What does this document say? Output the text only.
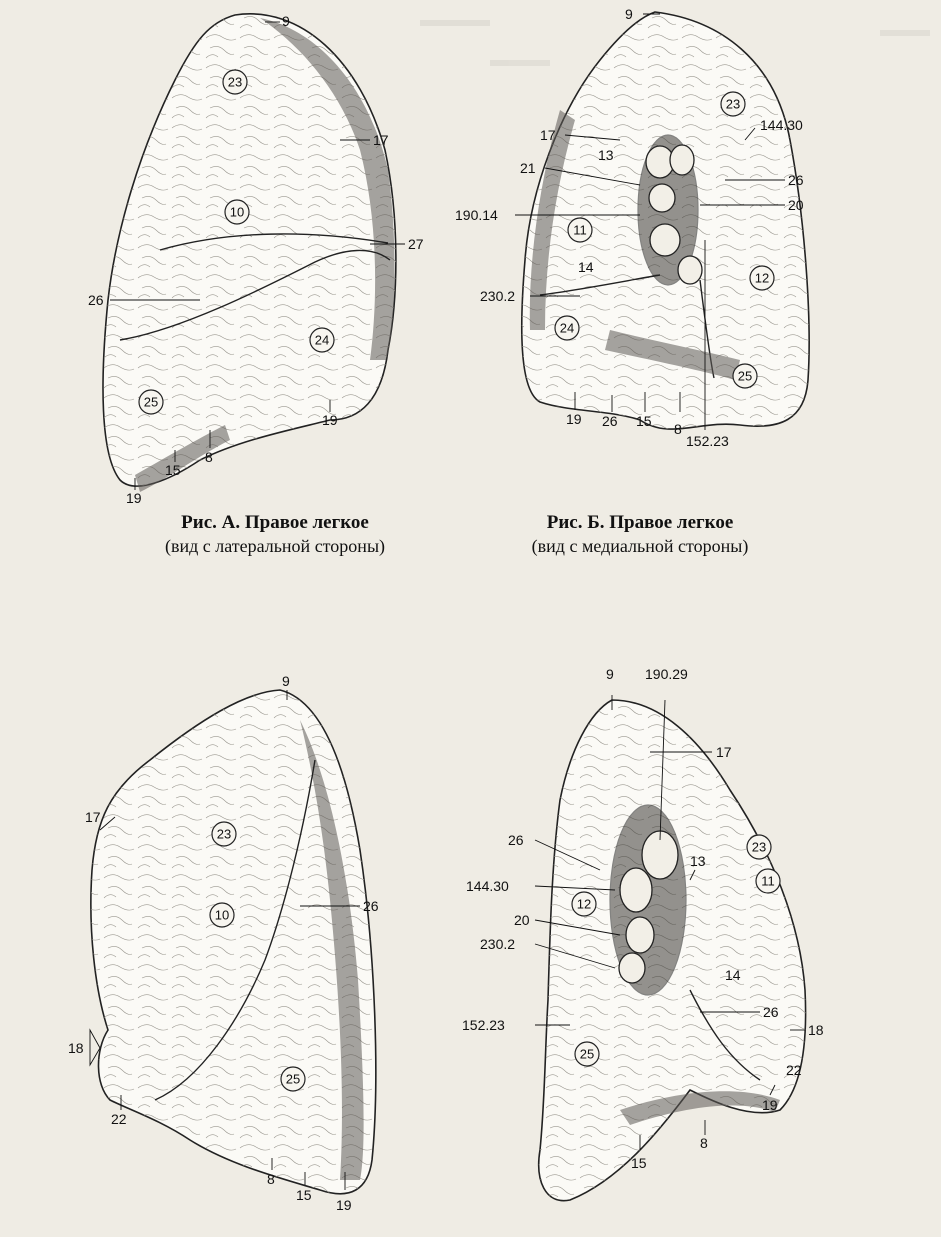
9
17
27
26
19
8
15
19
23
10
24
25
9
17
144.30
13
21
26
190.14
20
14
230.2
19 26 15 8
152.23
23
11
12
24
25
9
17
26
18
22
8
15
19
23
10
25
9 190.29
17
26
13
144.30
20
230.2
14
26
152.23	18
22
19
8
15
23
11
12
25
Рис. А. Правое легкое
(вид с латеральной стороны)
Рис. Б. Правое легкое
(вид с медиальной стороны)
